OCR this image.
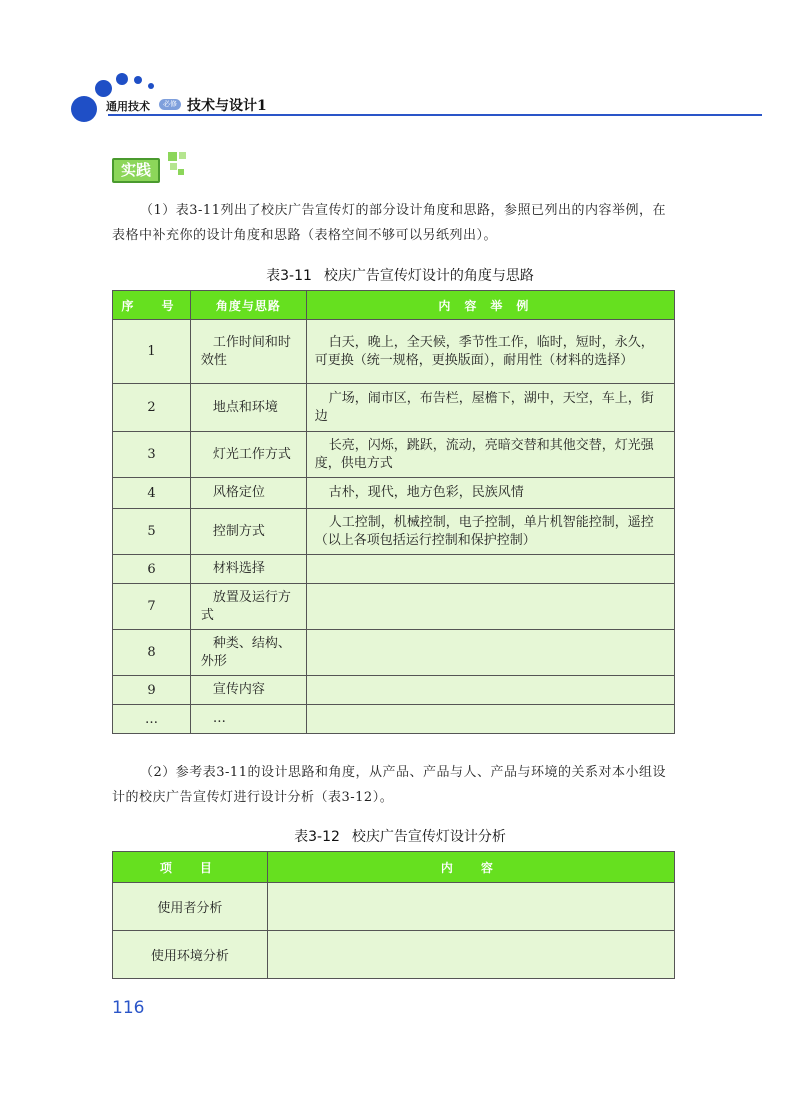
通用技术	必修 技术与设计1
实践
（1）表3-11列出了校庆广告宣传灯的部分设计角度和思路，参照已列出的内容举例，在表格中补充你的设计角度和思路（表格空间不够可以另纸列出）。
表3-11 校庆广告宣传灯设计的角度与思路
序　号	角度与思路	内容举例
1	工作时间和时效性	白天，晚上，全天候，季节性工作，临时，短时，永久，可更换（统一规格，更换版面），耐用性（材料的选择）
2	地点和环境	广场，闹市区，布告栏，屋檐下，湖中，天空，车上，街边
3	灯光工作方式	长亮，闪烁，跳跃，流动，亮暗交替和其他交替，灯光强度，供电方式
4	风格定位	古朴，现代，地方色彩，民族风情
5	控制方式	人工控制，机械控制，电子控制，单片机智能控制，遥控（以上各项包括运行控制和保护控制）
6	材料选择	
7	放置及运行方式	
8	种类、结构、外形	
9	宣传内容	
…	…	
（2）参考表3-11的设计思路和角度，从产品、产品与人、产品与环境的关系对本小组设计的校庆广告宣传灯进行设计分析（表3-12）。
表3-12 校庆广告宣传灯设计分析
项　目	内　容
使用者分析	
使用环境分析	
116
